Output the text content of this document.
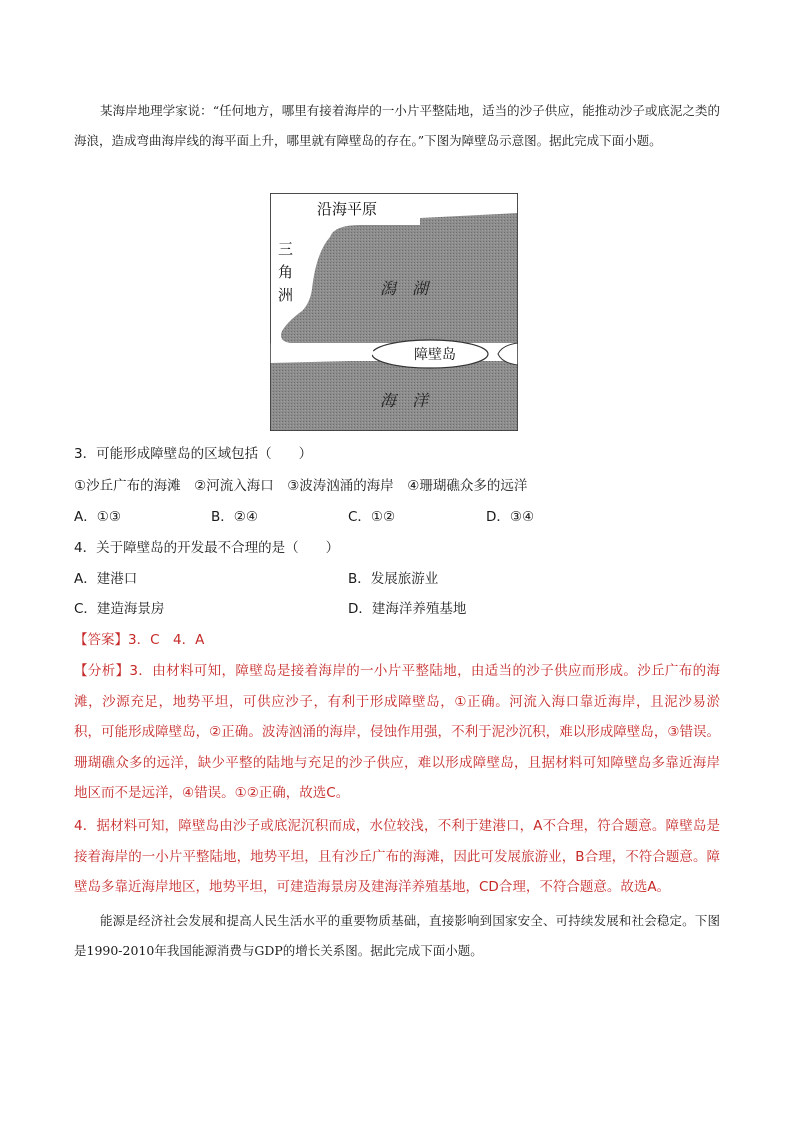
某海岸地理学家说：“任何地方，哪里有接着海岸的一小片平整陆地，适当的沙子供应，能推动沙子或底泥之类的海浪，造成弯曲海岸线的海平面上升，哪里就有障壁岛的存在。”下图为障壁岛示意图。据此完成下面小题。

沿海平原
三
角
洲	潟　湖
障壁岛
海　洋

3．可能形成障壁岛的区域包括（　　）

①沙丘广布的海滩　②河流入海口　③波涛汹涌的海岸　④珊瑚礁众多的远洋

A．①③	B．②④	C．①②	D．③④

4．关于障壁岛的开发最不合理的是（　　）

A．建港口	B．发展旅游业
C．建造海景房	D．建海洋养殖基地

【答案】3．C　4．A

【分析】3．由材料可知，障壁岛是接着海岸的一小片平整陆地，由适当的沙子供应而形成。沙丘广布的海滩，沙源充足，地势平坦，可供应沙子，有利于形成障壁岛，①正确。河流入海口靠近海岸，且泥沙易淤积，可能形成障壁岛，②正确。波涛汹涌的海岸，侵蚀作用强，不利于泥沙沉积，难以形成障壁岛，③错误。珊瑚礁众多的远洋，缺少平整的陆地与充足的沙子供应，难以形成障壁岛，且据材料可知障壁岛多靠近海岸地区而不是远洋，④错误。①②正确，故选C。

4．据材料可知，障壁岛由沙子或底泥沉积而成，水位较浅，不利于建港口，A不合理，符合题意。障壁岛是接着海岸的一小片平整陆地，地势平坦，且有沙丘广布的海滩，因此可发展旅游业，B合理，不符合题意。障壁岛多靠近海岸地区，地势平坦，可建造海景房及建海洋养殖基地，CD合理，不符合题意。故选A。

能源是经济社会发展和提高人民生活水平的重要物质基础，直接影响到国家安全、可持续发展和社会稳定。下图是1990-2010年我国能源消费与GDP的增长关系图。据此完成下面小题。
